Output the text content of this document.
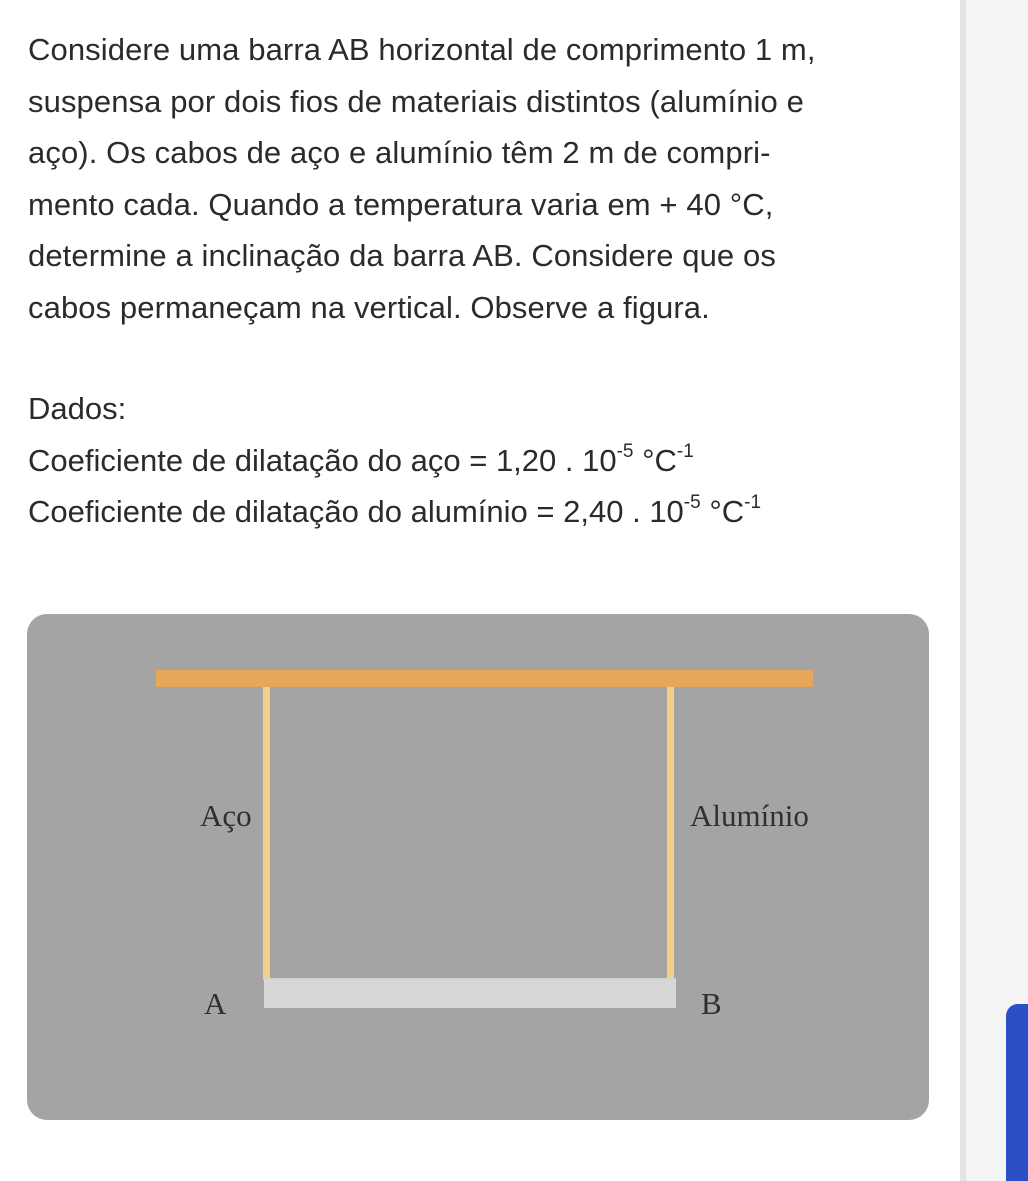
Considere uma barra AB horizontal de comprimento 1 m,
suspensa por dois fios de materiais distintos (alumínio e
aço). Os cabos de aço e alumínio têm 2 m de compri-
mento cada. Quando a temperatura varia em + 40 °C,
determine a inclinação da barra AB. Considere que os
cabos permaneçam na vertical. Observe a figura.

Dados:
Coeficiente de dilatação do aço = 1,20 . $10^{-5}$ $^\circ C^{-1}$
Coeficiente de dilatação do alumínio = 2,40 . $10^{-5}$ $^\circ C^{-1}$
Aço	Alumínio
A	B
